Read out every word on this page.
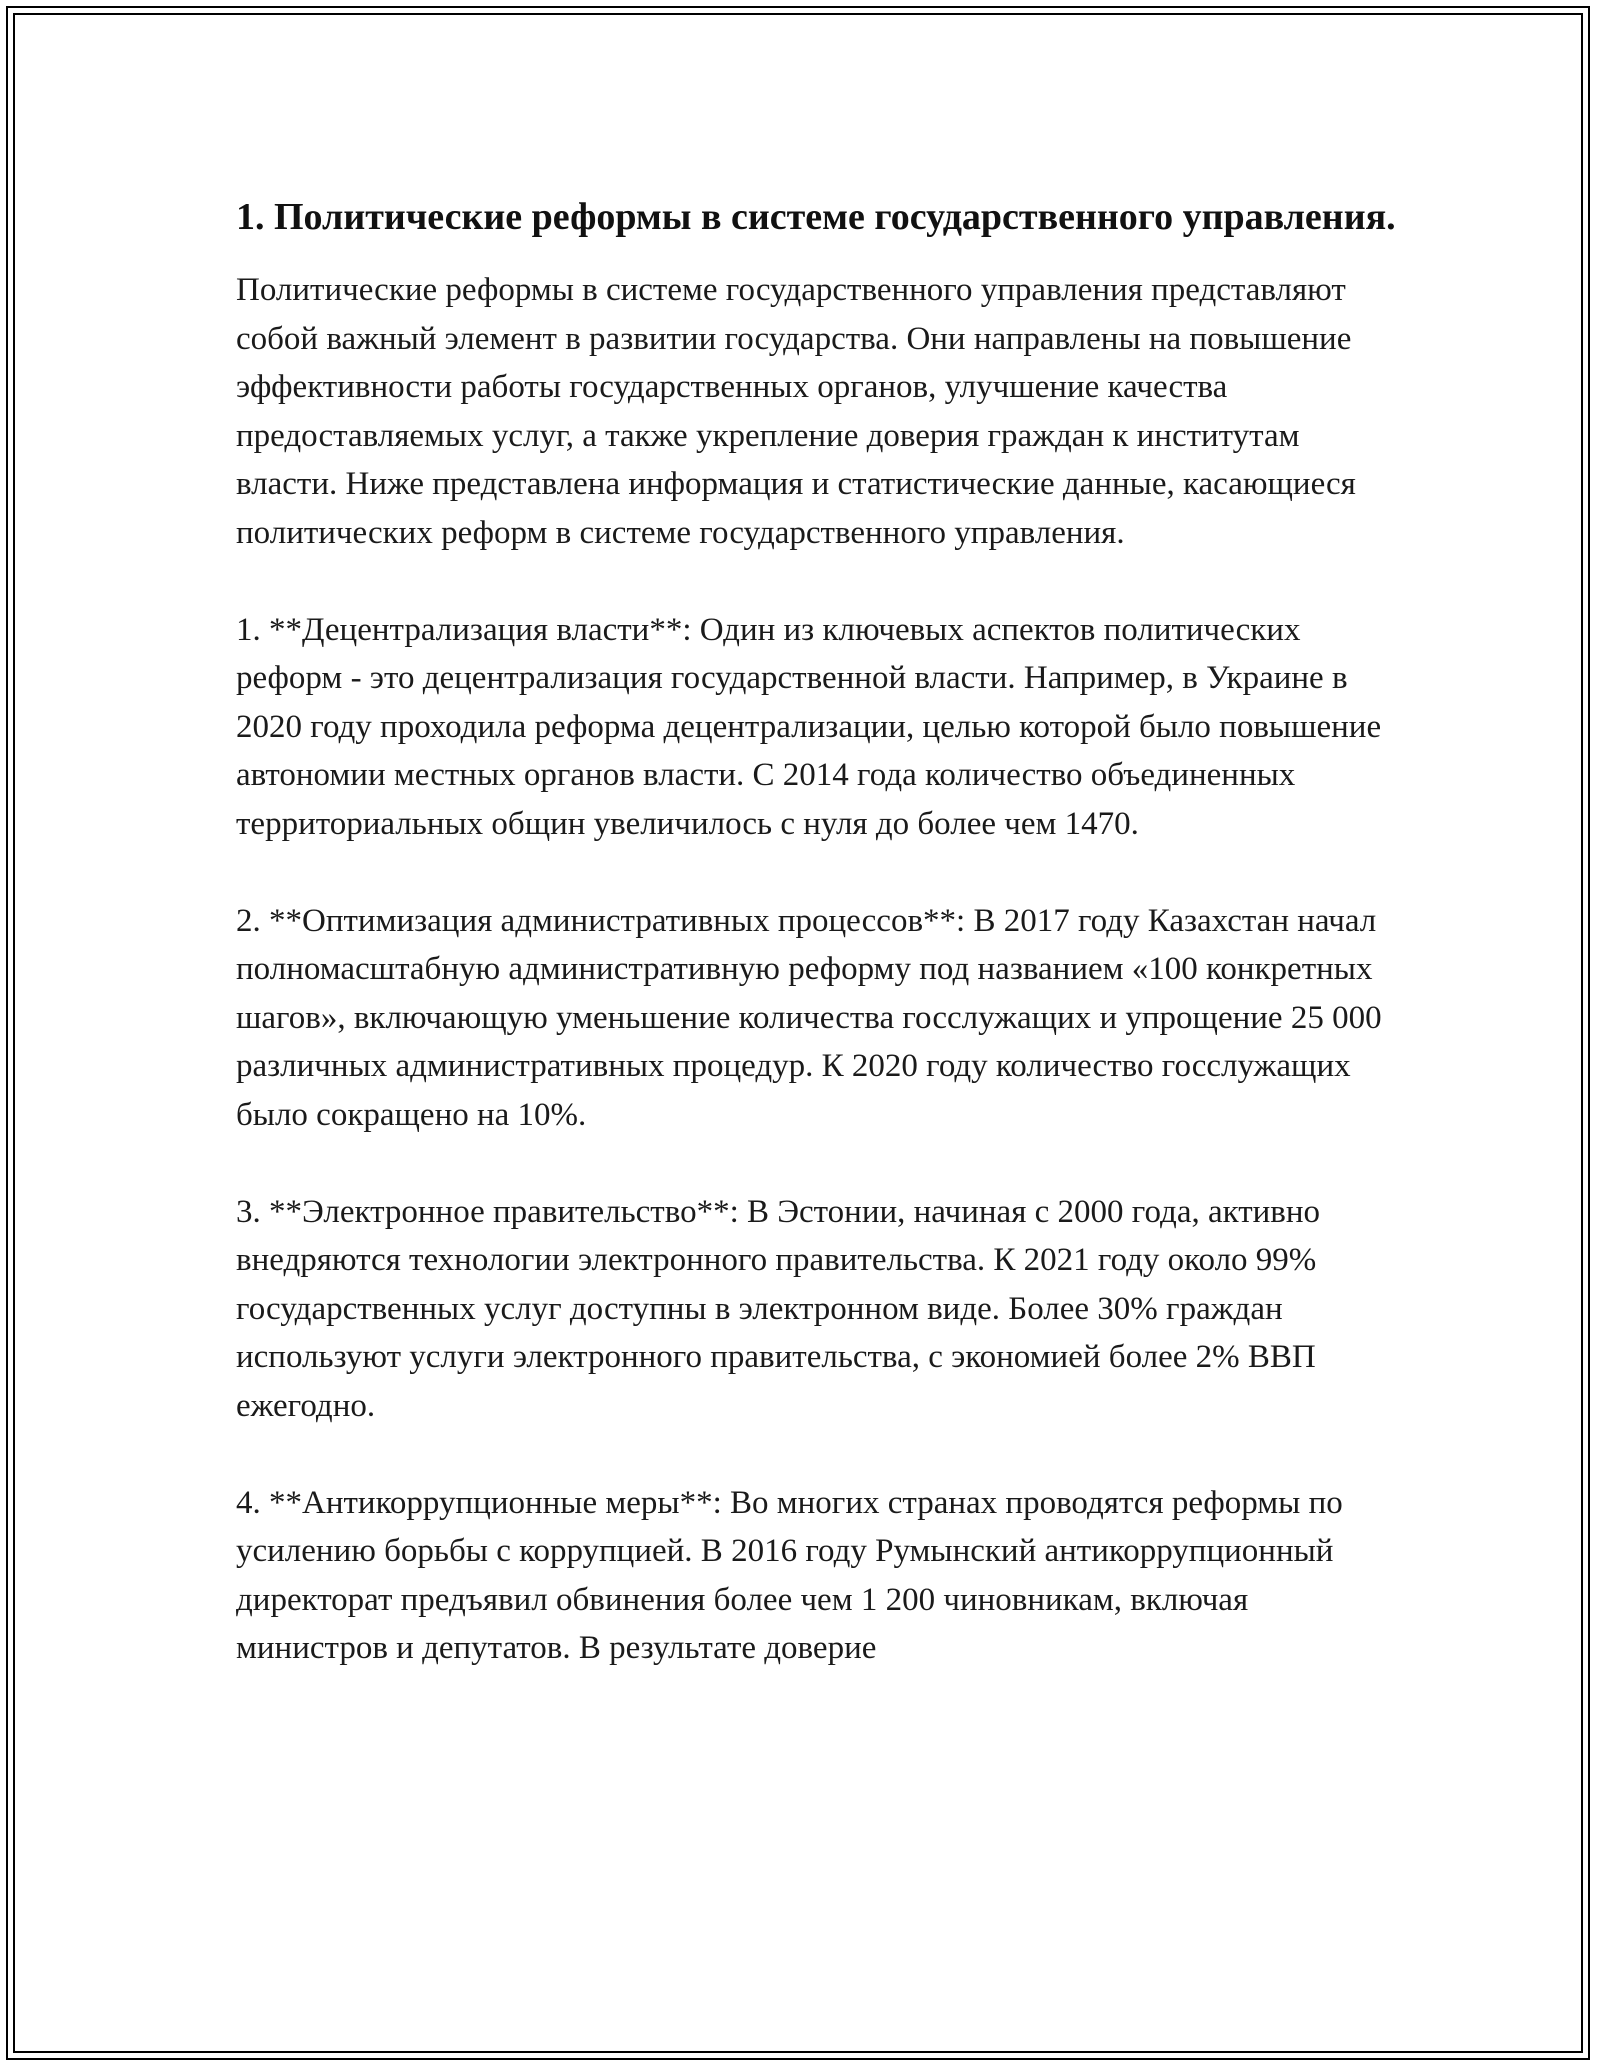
1. Политические реформы в системе государственного управления.

Политические реформы в системе государственного управления представляют собой важный элемент в развитии государства. Они направлены на повышение эффективности работы государственных органов, улучшение качества предоставляемых услуг, а также укрепление доверия граждан к институтам власти. Ниже представлена информация и статистические данные, касающиеся политических реформ в системе государственного управления.

1. **Децентрализация власти**: Один из ключевых аспектов политических реформ - это децентрализация государственной власти. Например, в Украине в 2020 году проходила реформа децентрализации, целью которой было повышение автономии местных органов власти. С 2014 года количество объединенных территориальных общин увеличилось с нуля до более чем 1470.

2. **Оптимизация административных процессов**: В 2017 году Казахстан начал полномасштабную административную реформу под названием «100 конкретных шагов», включающую уменьшение количества госслужащих и упрощение 25 000 различных административных процедур. К 2020 году количество госслужащих было сокращено на 10%.

3. **Электронное правительство**: В Эстонии, начиная с 2000 года, активно внедряются технологии электронного правительства. К 2021 году около 99% государственных услуг доступны в электронном виде. Более 30% граждан используют услуги электронного правительства, с экономией более 2% ВВП ежегодно.

4. **Антикоррупционные меры**: Во многих странах проводятся реформы по усилению борьбы с коррупцией. В 2016 году Румынский антикоррупционный директорат предъявил обвинения более чем 1 200 чиновникам, включая министров и депутатов. В результате доверие
